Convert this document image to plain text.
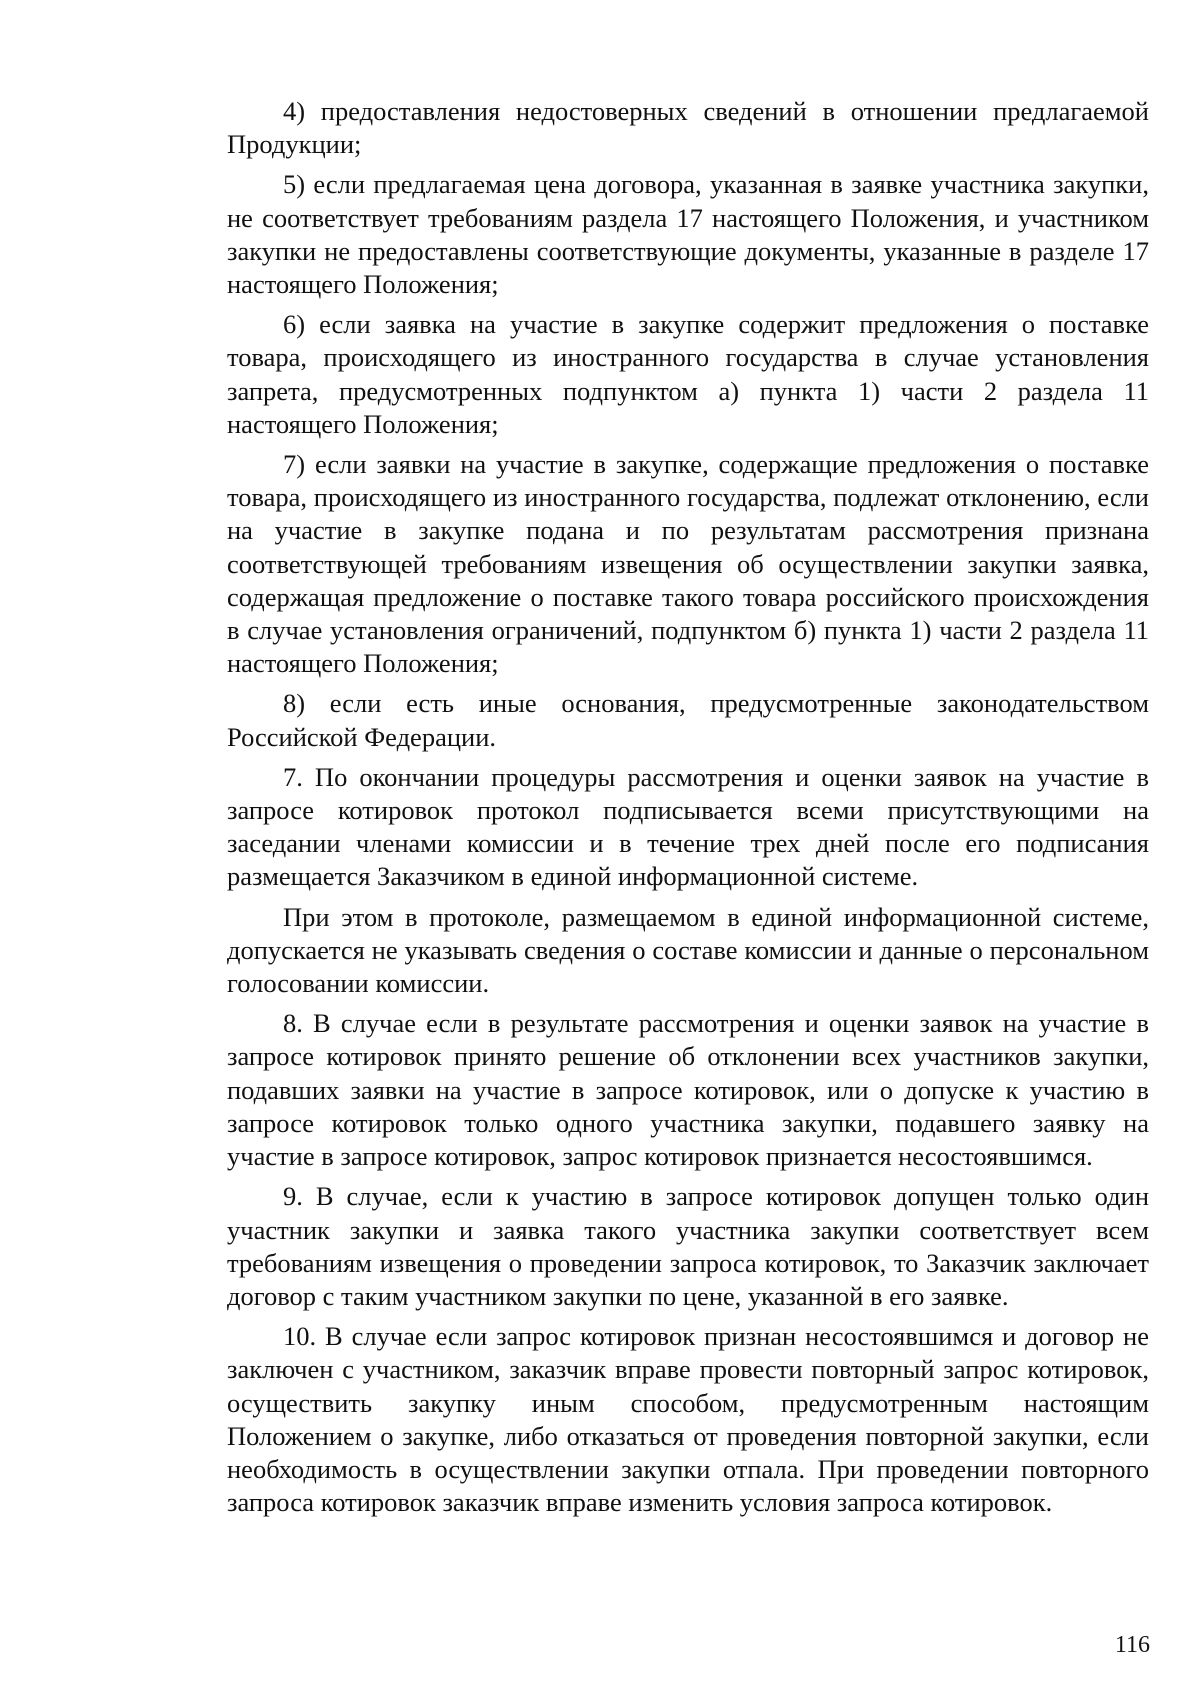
4) предоставления недостоверных сведений в отношении предлагаемой Продукции;

5) если предлагаемая цена договора, указанная в заявке участника закупки, не соответствует требованиям раздела 17 настоящего Положения, и участником закупки не предоставлены соответствующие документы, указанные в разделе 17 настоящего Положения;

6) если заявка на участие в закупке содержит предложения о поставке товара, происходящего из иностранного государства в случае установления запрета, предусмотренных подпунктом а) пункта 1) части 2 раздела 11 настоящего Положения;

7) если заявки на участие в закупке, содержащие предложения о поставке товара, происходящего из иностранного государства, подлежат отклонению, если на участие в закупке подана и по результатам рассмотрения признана соответствующей требованиям извещения об осуществлении закупки заявка, содержащая предложение о поставке такого товара российского происхождения в случае установления ограничений, подпунктом б) пункта 1) части 2 раздела 11 настоящего Положения;

8) если есть иные основания, предусмотренные законодательством Российской Федерации.

7. По окончании процедуры рассмотрения и оценки заявок на участие в запросе котировок протокол подписывается всеми присутствующими на заседании членами комиссии и в течение трех дней после его подписания размещается Заказчиком в единой информационной системе.

При этом в протоколе, размещаемом в единой информационной системе, допускается не указывать сведения о составе комиссии и данные о персональном голосовании комиссии.

8. В случае если в результате рассмотрения и оценки заявок на участие в запросе котировок принято решение об отклонении всех участников закупки, подавших заявки на участие в запросе котировок, или о допуске к участию в запросе котировок только одного участника закупки, подавшего заявку на участие в запросе котировок, запрос котировок признается несостоявшимся.

9. В случае, если к участию в запросе котировок допущен только один участник закупки и заявка такого участника закупки соответствует всем требованиям извещения о проведении запроса котировок, то Заказчик заключает договор с таким участником закупки по цене, указанной в его заявке.

10. В случае если запрос котировок признан несостоявшимся и договор не заключен с участником, заказчик вправе провести повторный запрос котировок, осуществить закупку иным способом, предусмотренным настоящим Положением о закупке, либо отказаться от проведения повторной закупки, если необходимость в осуществлении закупки отпала. При проведении повторного запроса котировок заказчик вправе изменить условия запроса котировок.

116
